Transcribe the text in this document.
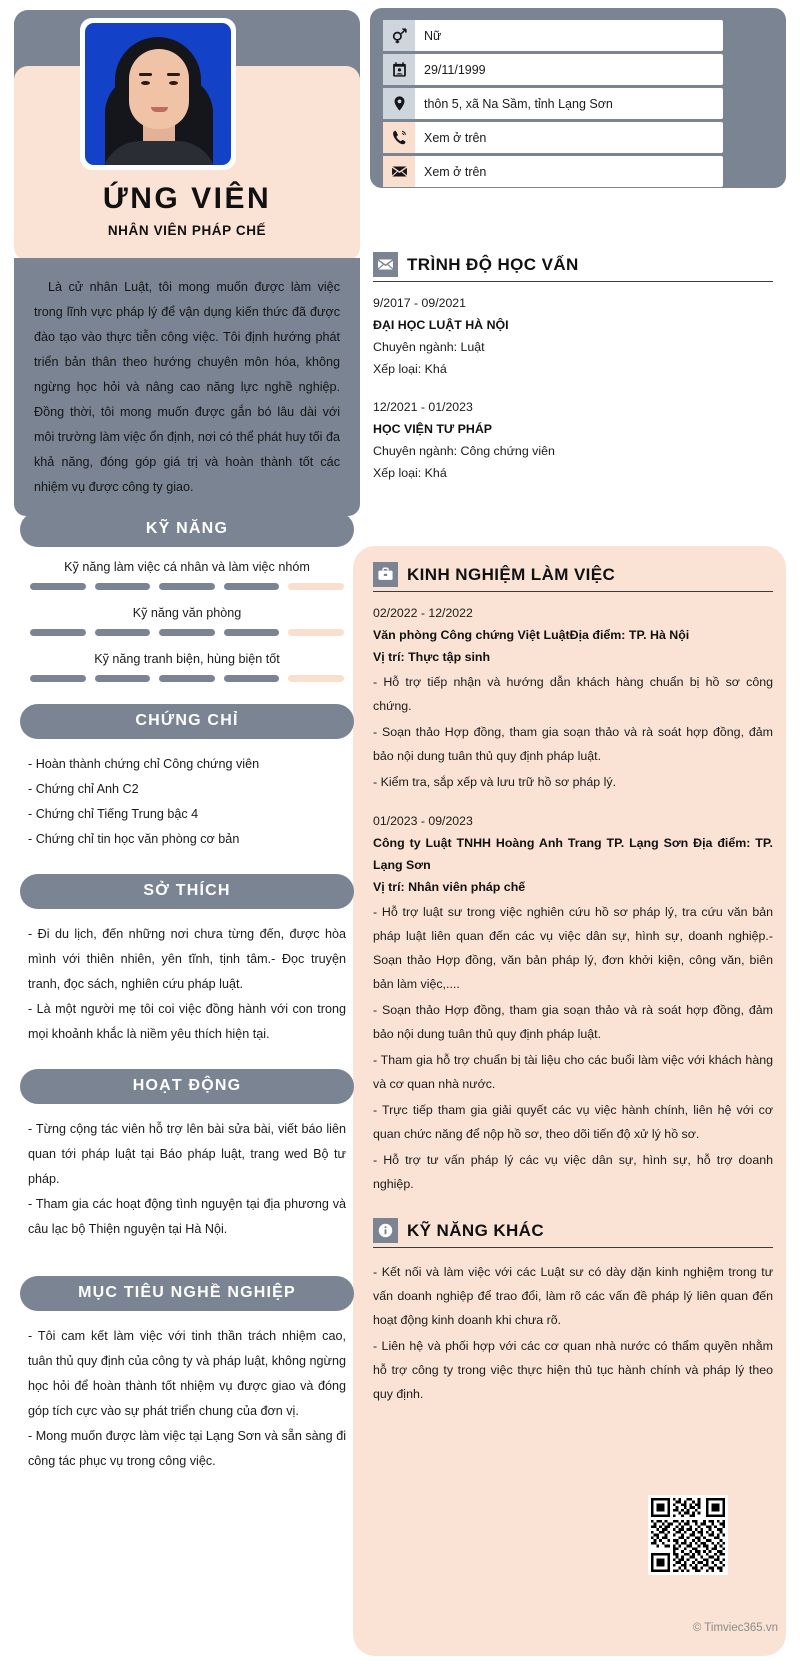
Nữ
29/11/1999
thôn 5, xã Na Sầm, tỉnh Lạng Sơn
Xem ở trên
Xem ở trên
ỨNG VIÊN
NHÂN VIÊN PHÁP CHẾ

Là cử nhân Luật, tôi mong muốn được làm việc trong lĩnh vực pháp lý để vận dụng kiến thức đã được đào tạo vào thực tiễn công việc. Tôi định hướng phát triển bản thân theo hướng chuyên môn hóa, không ngừng học hỏi và nâng cao năng lực nghề nghiệp. Đồng thời, tôi mong muốn được gắn bó lâu dài với môi trường làm việc ổn định, nơi có thể phát huy tối đa khả năng, đóng góp giá trị và hoàn thành tốt các nhiệm vụ được công ty giao.

KỸ NĂNG
Kỹ năng làm việc cá nhân và làm việc nhóm
Kỹ năng văn phòng
Kỹ năng tranh biện, hùng biện tốt
CHỨNG CHỈ
- Hoàn thành chứng chỉ Công chứng viên
- Chứng chỉ Anh C2
- Chứng chỉ Tiếng Trung bậc 4
- Chứng chỉ tin học văn phòng cơ bản
SỞ THÍCH

- Đi du lịch, đến những nơi chưa từng đến, được hòa mình với thiên nhiên, yên tĩnh, tịnh tâm.- Đọc truyện tranh, đọc sách, nghiên cứu pháp luật.

- Là một người mẹ tôi coi việc đồng hành với con trong mọi khoảnh khắc là niềm yêu thích hiện tại.

HOẠT ĐỘNG

- Từng cộng tác viên hỗ trợ lên bài sửa bài, viết báo liên quan tới pháp luật tại Báo pháp luật, trang wed Bộ tư pháp.

- Tham gia các hoạt động tình nguyện tại địa phương và câu lạc bộ Thiện nguyện tại Hà Nội.

MỤC TIÊU NGHỀ NGHIỆP

- Tôi cam kết làm việc với tinh thần trách nhiệm cao, tuân thủ quy định của công ty và pháp luật, không ngừng học hỏi để hoàn thành tốt nhiệm vụ được giao và đóng góp tích cực vào sự phát triển chung của đơn vị.

- Mong muốn được làm việc tại Lạng Sơn và sẵn sàng đi công tác phục vụ trong công việc.

TRÌNH ĐỘ HỌC VẤN
9/2017 - 09/2021
ĐẠI HỌC LUẬT HÀ NỘI
Chuyên ngành: Luật
Xếp loại: Khá
12/2021 - 01/2023
HỌC VIỆN TƯ PHÁP
Chuyên ngành: Công chứng viên
Xếp loại: Khá
KINH NGHIỆM LÀM VIỆC
02/2022 - 12/2022
Văn phòng Công chứng Việt LuậtĐịa điểm: TP. Hà Nội
Vị trí: Thực tập sinh

- Hỗ trợ tiếp nhận và hướng dẫn khách hàng chuẩn bị hồ sơ công chứng.

- Soạn thảo Hợp đồng, tham gia soạn thảo và rà soát hợp đồng, đảm bảo nội dung tuân thủ quy định pháp luật.

- Kiểm tra, sắp xếp và lưu trữ hồ sơ pháp lý.

01/2023 - 09/2023
Công ty Luật TNHH Hoàng Anh Trang TP. Lạng Sơn Địa điểm: TP. Lạng Sơn
Vị trí: Nhân viên pháp chế

- Hỗ trợ luật sư trong việc nghiên cứu hồ sơ pháp lý, tra cứu văn bản pháp luật liên quan đến các vụ việc dân sự, hình sự, doanh nghiệp.- Soạn thảo Hợp đồng, văn bản pháp lý, đơn khởi kiện, công văn, biên bản làm việc,....

- Soạn thảo Hợp đồng, tham gia soạn thảo và rà soát hợp đồng, đảm bảo nội dung tuân thủ quy định pháp luật.

- Tham gia hỗ trợ chuẩn bị tài liệu cho các buổi làm việc với khách hàng và cơ quan nhà nước.

- Trực tiếp tham gia giải quyết các vụ việc hành chính, liên hệ với cơ quan chức năng để nộp hồ sơ, theo dõi tiến độ xử lý hồ sơ.

- Hỗ trợ tư vấn pháp lý các vụ việc dân sự, hình sự, hỗ trợ doanh nghiệp.

KỸ NĂNG KHÁC

- Kết nối và làm việc với các Luật sư có dày dặn kinh nghiệm trong tư vấn doanh nghiệp để trao đổi, làm rõ các vấn đề pháp lý liên quan đến hoạt động kinh doanh khi chưa rõ.

- Liên hệ và phối hợp với các cơ quan nhà nước có thẩm quyền nhằm hỗ trợ công ty trong việc thực hiện thủ tục hành chính và pháp lý theo quy định.

© Timviec365.vn
